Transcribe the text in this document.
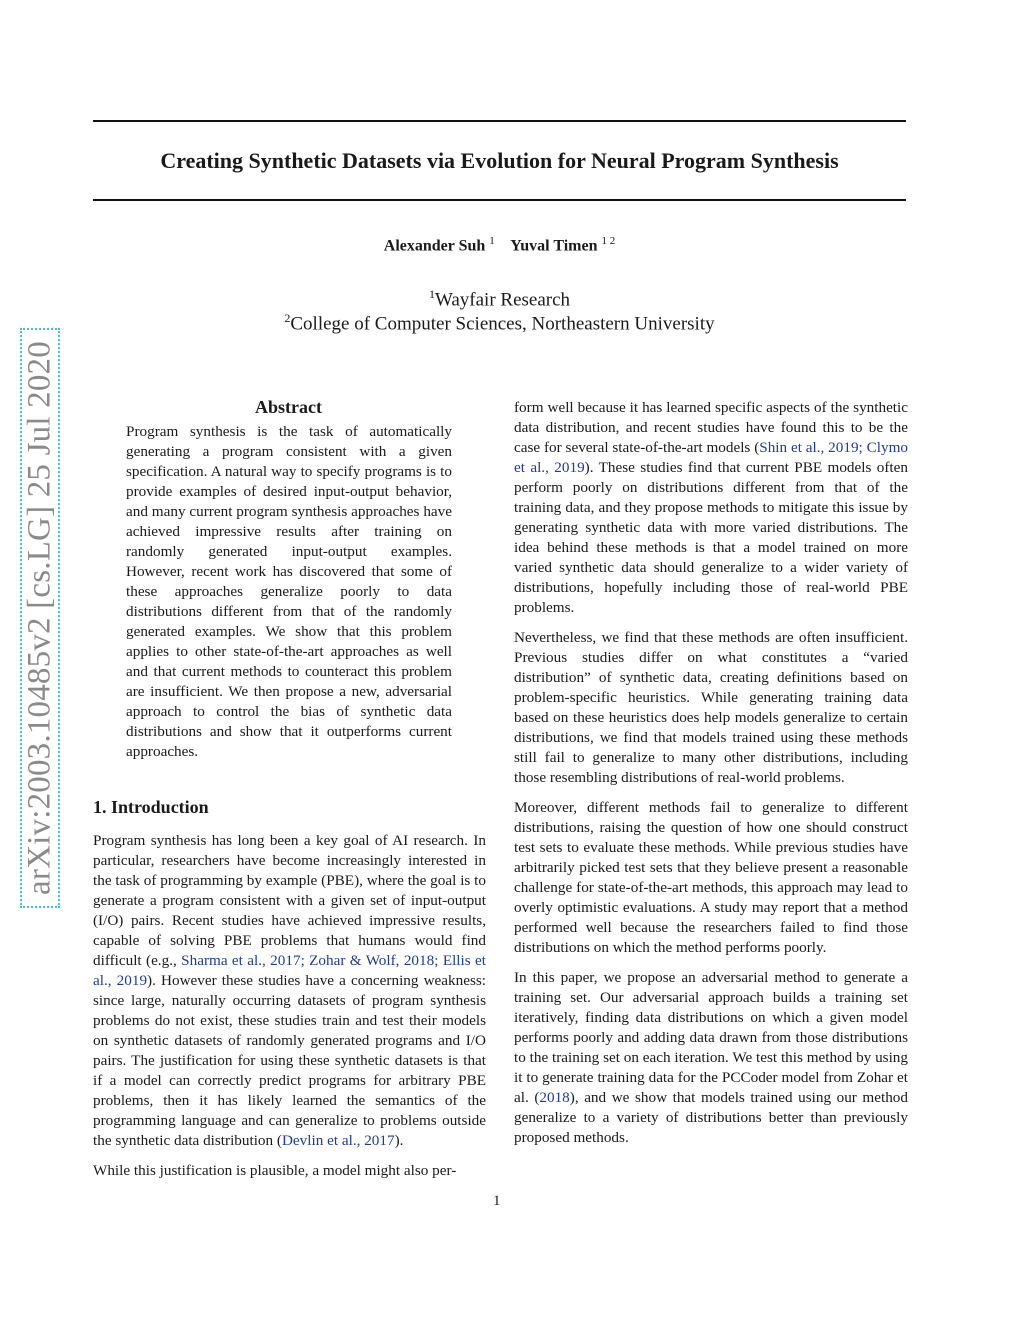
Creating Synthetic Datasets via Evolution for Neural Program Synthesis
Alexander Suh $^1$ Yuval Timen $^{1 2}$
$^1$Wayfair Research
$^2$College of Computer Sciences, Northeastern University
arXiv:2003.10485v2 [cs.LG] 25 Jul 2020	Abstract

Program synthesis is the task of automatically generating a program consistent with a given specification. A natural way to specify programs is to provide examples of desired input-output behavior, and many current program synthesis approaches have achieved impressive results after training on randomly generated input-output examples. However, recent work has discovered that some of these approaches generalize poorly to data distributions different from that of the randomly generated examples. We show that this problem applies to other state-of-the-art approaches as well and that current methods to counteract this problem are insufficient. We then propose a new, adversarial approach to control the bias of synthetic data distributions and show that it outperforms current approaches.

1. Introduction

Program synthesis has long been a key goal of AI research. In particular, researchers have become increasingly interested in the task of programming by example (PBE), where the goal is to generate a program consistent with a given set of input-output (I/O) pairs. Recent studies have achieved impressive results, capable of solving PBE problems that humans would find difficult (e.g., Sharma et al., 2017; Zohar & Wolf, 2018; Ellis et al., 2019). However these studies have a concerning weakness: since large, naturally occurring datasets of program synthesis problems do not exist, these studies train and test their models on synthetic datasets of randomly generated programs and I/O pairs. The justification for using these synthetic datasets is that if a model can correctly predict programs for arbitrary PBE problems, then it has likely learned the semantics of the programming language and can generalize to problems outside the synthetic data distribution (Devlin et al., 2017).

While this justification is plausible, a model might also per-

form well because it has learned specific aspects of the synthetic data distribution, and recent studies have found this to be the case for several state-of-the-art models (Shin et al., 2019; Clymo et al., 2019). These studies find that current PBE models often perform poorly on distributions different from that of the training data, and they propose methods to mitigate this issue by generating synthetic data with more varied distributions. The idea behind these methods is that a model trained on more varied synthetic data should generalize to a wider variety of distributions, hopefully including those of real-world PBE problems.

Nevertheless, we find that these methods are often insufficient. Previous studies differ on what constitutes a “varied distribution” of synthetic data, creating definitions based on problem-specific heuristics. While generating training data based on these heuristics does help models generalize to certain distributions, we find that models trained using these methods still fail to generalize to many other distributions, including those resembling distributions of real-world problems.

Moreover, different methods fail to generalize to different distributions, raising the question of how one should construct test sets to evaluate these methods. While previous studies have arbitrarily picked test sets that they believe present a reasonable challenge for state-of-the-art methods, this approach may lead to overly optimistic evaluations. A study may report that a method performed well because the researchers failed to find those distributions on which the method performs poorly.

In this paper, we propose an adversarial method to generate a training set. Our adversarial approach builds a training set iteratively, finding data distributions on which a given model performs poorly and adding data drawn from those distributions to the training set on each iteration. We test this method by using it to generate training data for the PCCoder model from Zohar et al. (2018), and we show that models trained using our method generalize to a variety of distributions better than previously proposed methods.

1
